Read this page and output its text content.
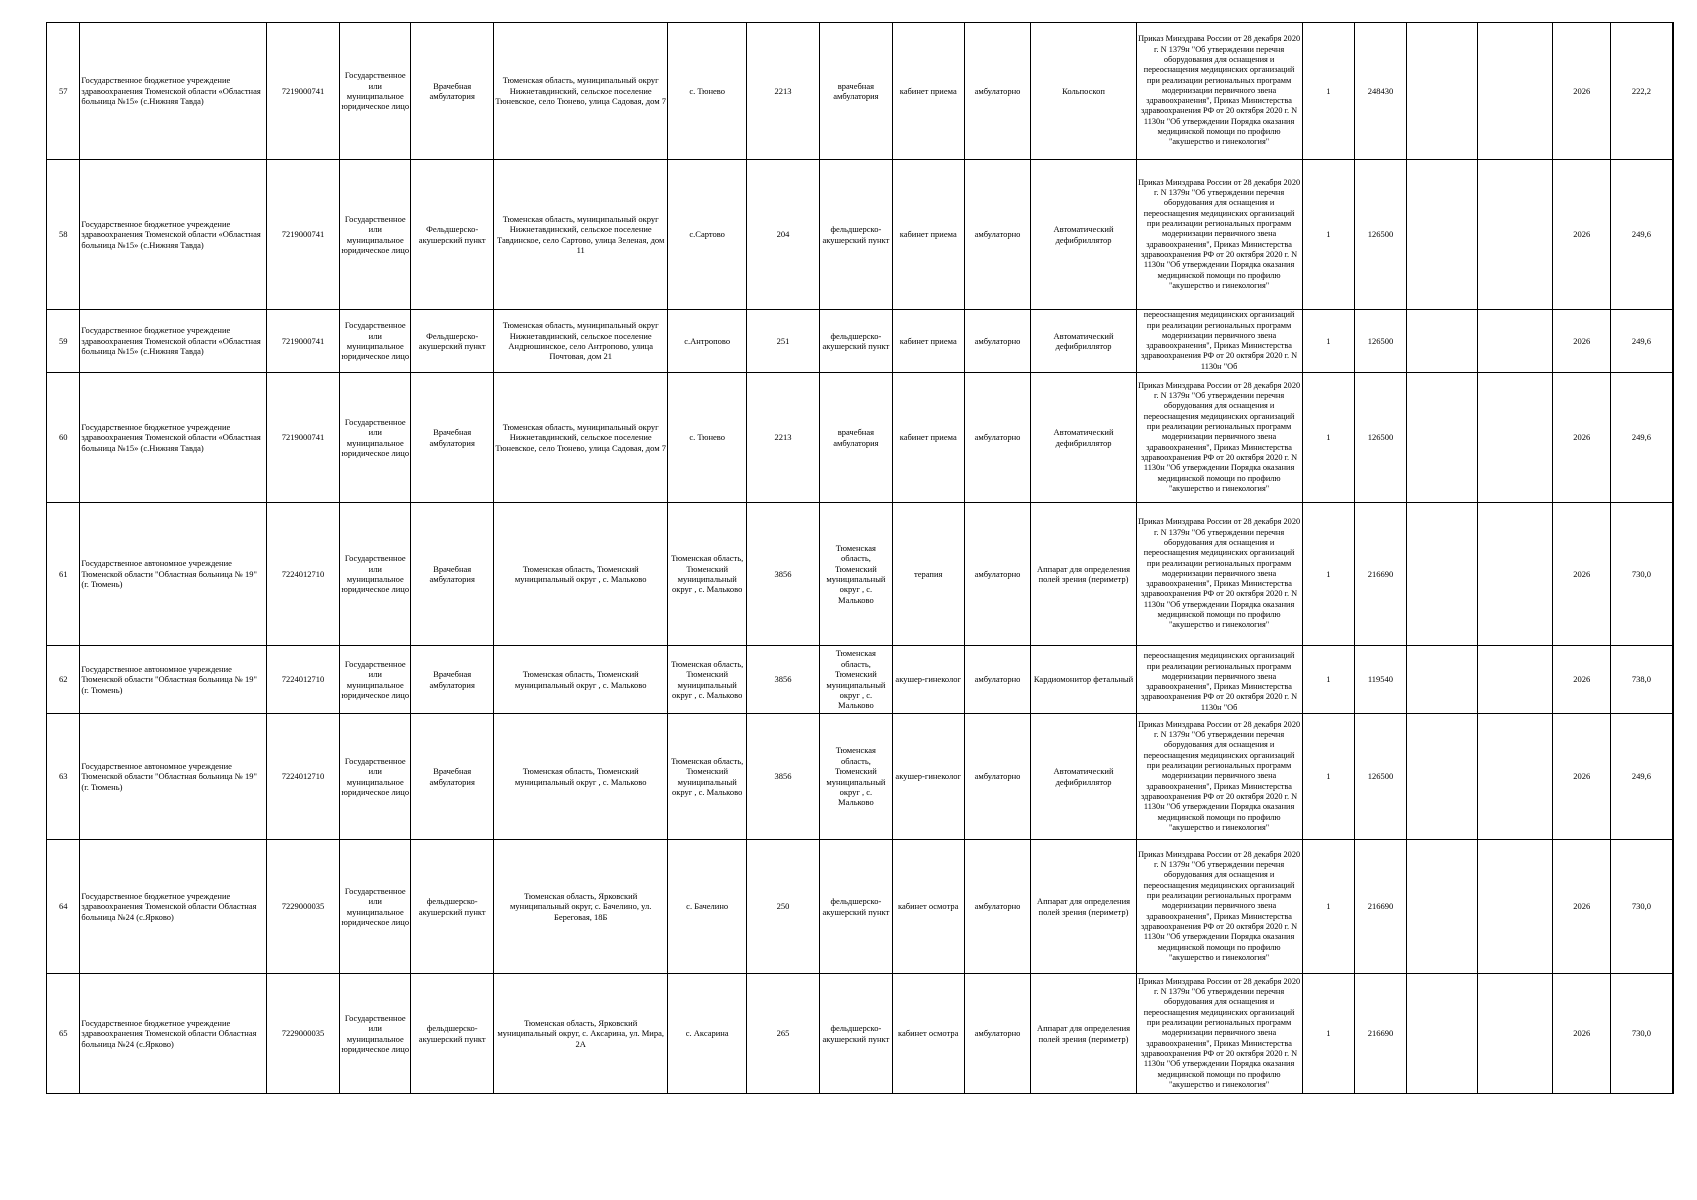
57	Государственное бюджетное учреждение здравоохранения Тюменской области «Областная больница №15» (с.Нижняя Тавда)	7219000741	Государственное или муниципальное юридическое лицо	Врачебная амбулатория	Тюменская область, муниципальный округ Нижнетавдинский, сельское поселение Тюневское, село Тюнево, улица Садовая, дом 7	с. Тюнево	2213	врачебная амбулатория	кабинет приема	амбулаторно	Кольпоскоп	Приказ Минздрава России от 28 декабря 2020 г. N 1379н "Об утверждении перечня оборудования для оснащения и переоснащения медицинских организаций при реализации региональных программ модернизации первичного звена здравоохранения", Приказ Министерства здравоохранения РФ от 20 октября 2020 г. N 1130н "Об утверждении Порядка оказания медицинской помощи по профилю "акушерство и гинекология"	1	248430			2026	222,2	
58	Государственное бюджетное учреждение здравоохранения Тюменской области «Областная больница №15» (с.Нижняя Тавда)	7219000741	Государственное или муниципальное юридическое лицо	Фельдшерско-акушерский пункт	Тюменская область, муниципальный округ Нижнетавдинский, сельское поселение Тавдинское, село Сартово, улица Зеленая, дом 11	с.Сартово	204	фельдшерско-акушерский пункт	кабинет приема	амбулаторно	Автоматический дефибриллятор	Приказ Минздрава России от 28 декабря 2020 г. N 1379н "Об утверждении перечня оборудования для оснащения и переоснащения медицинских организаций при реализации региональных программ модернизации первичного звена здравоохранения", Приказ Министерства здравоохранения РФ от 20 октября 2020 г. N 1130н "Об утверждении Порядка оказания медицинской помощи по профилю "акушерство и гинекология"	1	126500			2026	249,6	
59	Государственное бюджетное учреждение здравоохранения Тюменской области «Областная больница №15» (с.Нижняя Тавда)	7219000741	Государственное или муниципальное юридическое лицо	Фельдшерско-акушерский пункт	Тюменская область, муниципальный округ Нижнетавдинский, сельское поселение Андрюшинское, село Антропово, улица Почтовая, дом 21	с.Антропово	251	фельдшерско-акушерский пункт	кабинет приема	амбулаторно	Автоматический дефибриллятор	переоснащения медицинских организаций при реализации региональных программ модернизации первичного звена здравоохранения", Приказ Министерства здравоохранения РФ от 20 октября 2020 г. N 1130н "Об	1	126500			2026	249,6	
60	Государственное бюджетное учреждение здравоохранения Тюменской области «Областная больница №15» (с.Нижняя Тавда)	7219000741	Государственное или муниципальное юридическое лицо	Врачебная амбулатория	Тюменская область, муниципальный округ Нижнетавдинский, сельское поселение Тюневское, село Тюнево, улица Садовая, дом 7	с. Тюнево	2213	врачебная амбулатория	кабинет приема	амбулаторно	Автоматический дефибриллятор	Приказ Минздрава России от 28 декабря 2020 г. N 1379н "Об утверждении перечня оборудования для оснащения и переоснащения медицинских организаций при реализации региональных программ модернизации первичного звена здравоохранения", Приказ Министерства здравоохранения РФ от 20 октября 2020 г. N 1130н "Об утверждении Порядка оказания медицинской помощи по профилю "акушерство и гинекология"	1	126500			2026	249,6	
61	Государственное автономное учреждение Тюменской области "Областная больница № 19" (г. Тюмень)	7224012710	Государственное или муниципальное юридическое лицо	Врачебная амбулатория	Тюменская область, Тюменский муниципальный округ , с. Мальково	Тюменская область, Тюменский муниципальный округ , с. Мальково	3856	Тюменская область, Тюменский муниципальный округ , с. Мальково	терапия	амбулаторно	Аппарат для определения полей зрения (периметр)	Приказ Минздрава России от 28 декабря 2020 г. N 1379н "Об утверждении перечня оборудования для оснащения и переоснащения медицинских организаций при реализации региональных программ модернизации первичного звена здравоохранения", Приказ Министерства здравоохранения РФ от 20 октября 2020 г. N 1130н "Об утверждении Порядка оказания медицинской помощи по профилю "акушерство и гинекология"	1	216690			2026	730,0	
62	Государственное автономное учреждение Тюменской области "Областная больница № 19" (г. Тюмень)	7224012710	Государственное или муниципальное юридическое лицо	Врачебная амбулатория	Тюменская область, Тюменский муниципальный округ , с. Мальково	Тюменская область, Тюменский муниципальный округ , с. Мальково	3856	Тюменская область, Тюменский муниципальный округ , с. Мальково	акушер-гинеколог	амбулаторно	Кардиомонитор фетальный	переоснащения медицинских организаций при реализации региональных программ модернизации первичного звена здравоохранения", Приказ Министерства здравоохранения РФ от 20 октября 2020 г. N 1130н "Об	1	119540			2026	738,0	
63	Государственное автономное учреждение Тюменской области "Областная больница № 19" (г. Тюмень)	7224012710	Государственное или муниципальное юридическое лицо	Врачебная амбулатория	Тюменская область, Тюменский муниципальный округ , с. Мальково	Тюменская область, Тюменский муниципальный округ , с. Мальково	3856	Тюменская область, Тюменский муниципальный округ , с. Мальково	акушер-гинеколог	амбулаторно	Автоматический дефибриллятор	Приказ Минздрава России от 28 декабря 2020 г. N 1379н "Об утверждении перечня оборудования для оснащения и переоснащения медицинских организаций при реализации региональных программ модернизации первичного звена здравоохранения", Приказ Министерства здравоохранения РФ от 20 октября 2020 г. N 1130н "Об утверждении Порядка оказания медицинской помощи по профилю "акушерство и гинекология"	1	126500			2026	249,6	
64	Государственное бюджетное учреждение здравоохранения Тюменской области Областная больница №24 (с.Ярково)	7229000035	Государственное или муниципальное юридическое лицо	фельдшерско-акушерский пункт	Тюменская область, Ярковский муниципальный округ, с. Бачелино, ул. Береговая, 18Б	с. Бачелино	250	фельдшерско-акушерский пункт	кабинет осмотра	амбулаторно	Аппарат для определения полей зрения (периметр)	Приказ Минздрава России от 28 декабря 2020 г. N 1379н "Об утверждении перечня оборудования для оснащения и переоснащения медицинских организаций при реализации региональных программ модернизации первичного звена здравоохранения", Приказ Министерства здравоохранения РФ от 20 октября 2020 г. N 1130н "Об утверждении Порядка оказания медицинской помощи по профилю "акушерство и гинекология"	1	216690			2026	730,0	
65	Государственное бюджетное учреждение здравоохранения Тюменской области Областная больница №24 (с.Ярково)	7229000035	Государственное или муниципальное юридическое лицо	фельдшерско-акушерский пункт	Тюменская область, Ярковский муниципальный округ, с. Аксарина, ул. Мира, 2А	с. Аксарина	265	фельдшерско-акушерский пункт	кабинет осмотра	амбулаторно	Аппарат для определения полей зрения (периметр)	Приказ Минздрава России от 28 декабря 2020 г. N 1379н "Об утверждении перечня оборудования для оснащения и переоснащения медицинских организаций при реализации региональных программ модернизации первичного звена здравоохранения", Приказ Министерства здравоохранения РФ от 20 октября 2020 г. N 1130н "Об утверждении Порядка оказания медицинской помощи по профилю "акушерство и гинекология"	1	216690			2026	730,0	
